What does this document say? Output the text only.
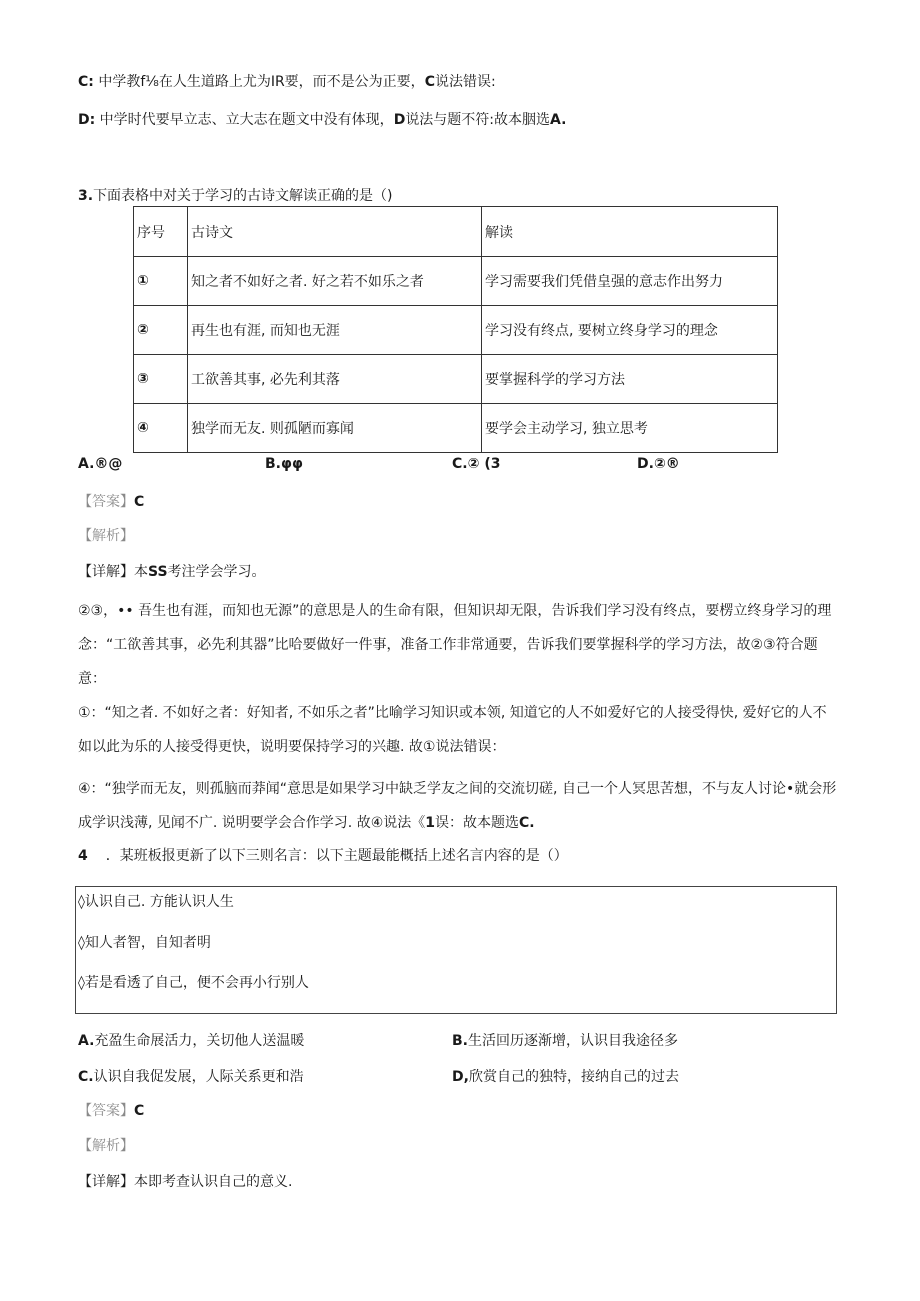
C: 中学教f⅛在人生道路上尤为IR要，而不是公为正要，C说法错误:
D: 中学时代要早立志、立大志在题文中没有体现，D说法与题不符:故本胭选A.
3.下面表格中对关于学习的古诗文解读正确的是（)
序号	古诗文	解读
①	知之者不如好之者. 好之若不如乐之者	学习需要我们凭借皇强的意志作出努力
②	再生也有涯, 而知也无涯	学习没有终点, 要树立终身学习的理念
③	工欲善其事, 必先利其落	要掌握科学的学习方法
④	独学而无友. 则孤陋而寡闻	要学会主动学习, 独立思考
A.®@	B.φφ	C.② (3	D.②®
【答案】C
【解析】
【详解】本SS考注学会学习。
②③，•• 吾生也有涯，而知也无源”的意思是人的生命有限，但知识却无限，告诉我们学习没有终点，要楞立终身学习的理念：“工欲善其事，必先利其器”比哈要做好一件事，准备工作非常通要，告诉我们要掌握科学的学习方法，故②③符合题意：
①：“知之者. 不如好之者：好知者, 不如乐之者”比喻学习知识或本领, 知道它的人不如爱好它的人接受得快, 爱好它的人不如以此为乐的人接受得更快，说明要保持学习的兴趣. 故①说法错误：
④：“独学而无友，则孤脑而莽闻“意思是如果学习中缺乏学友之间的交流切磋, 自己一个人冥思苦想，不与友人讨论•就会形成学识浅薄, 见闻不广. 说明要学会合作学习. 故④说法《1误：故本题选C.
4 ．某班板报更新了以下三则名言：以下主题最能概括上述名言内容的是（）
◊认识自己. 方能认识人生
◊知人者智，自知者明
◊若是看透了自己，便不会再小行别人
A.充盈生命展活力，关切他人送温暖	B.生活回历逐渐增，认识目我途径多
C.认识自我促发展，人际关系更和浩	D,欣赏自己的独特，接纳自己的过去
【答案】C
【解析】
【详解】本即考查认识自己的意义.
